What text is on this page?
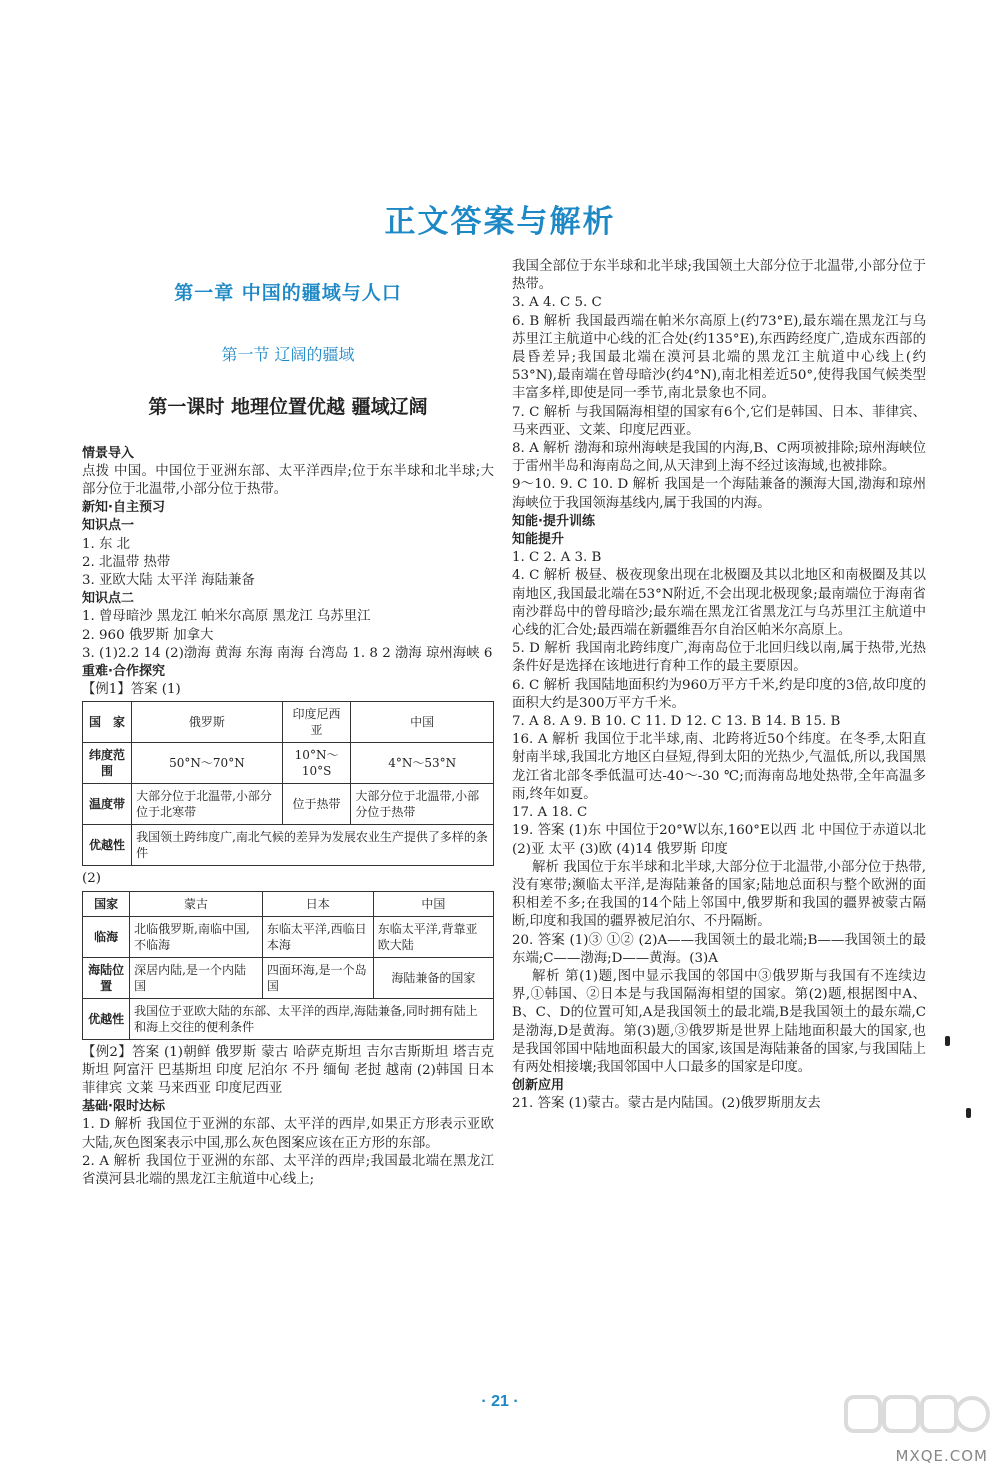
正文答案与解析
第一章 中国的疆域与人口
第一节 辽阔的疆域
第一课时 地理位置优越 疆域辽阔
情景导入
点拨 中国。中国位于亚洲东部、太平洋西岸;位于东半球和北半球;大部分位于北温带,小部分位于热带。
新知·自主预习
知识点一
1. 东 北
2. 北温带 热带
3. 亚欧大陆 太平洋 海陆兼备
知识点二
1. 曾母暗沙 黑龙江 帕米尔高原 黑龙江 乌苏里江
2. 960 俄罗斯 加拿大
3. (1)2.2 14 (2)渤海 黄海 东海 南海 台湾岛 1. 8 2 渤海 琼州海峡 6
重难·合作探究
【例1】答案 (1)
国　家	俄罗斯	印度尼西亚	中国
纬度范围	50°N～70°N	10°N～10°S	4°N～53°N
温度带	大部分位于北温带,小部分位于北寒带	位于热带	大部分位于北温带,小部分位于热带
优越性	我国领土跨纬度广,南北气候的差异为发展农业生产提供了多样的条件		
(2)
国家	蒙古	日本	中国
临海	北临俄罗斯,南临中国,不临海	东临太平洋,西临日本海	东临太平洋,背靠亚欧大陆
海陆位置	深居内陆,是一个内陆国	四面环海,是一个岛国	海陆兼备的国家
优越性	我国位于亚欧大陆的东部、太平洋的西岸,海陆兼备,同时拥有陆上和海上交往的便利条件		
【例2】答案 (1)朝鲜 俄罗斯 蒙古 哈萨克斯坦 吉尔吉斯斯坦 塔吉克斯坦 阿富汗 巴基斯坦 印度 尼泊尔 不丹 缅甸 老挝 越南 (2)韩国 日本 菲律宾 文莱 马来西亚 印度尼西亚
基础·限时达标
1. D 解析 我国位于亚洲的东部、太平洋的西岸,如果正方形表示亚欧大陆,灰色图案表示中国,那么灰色图案应该在正方形的东部。
2. A 解析 我国位于亚洲的东部、太平洋的西岸;我国最北端在黑龙江省漠河县北端的黑龙江主航道中心线上;
我国全部位于东半球和北半球;我国领土大部分位于北温带,小部分位于热带。
3. A 4. C 5. C
6. B 解析 我国最西端在帕米尔高原上(约73°E),最东端在黑龙江与乌苏里江主航道中心线的汇合处(约135°E),东西跨经度广,造成东西部的晨昏差异;我国最北端在漠河县北端的黑龙江主航道中心线上(约53°N),最南端在曾母暗沙(约4°N),南北相差近50°,使得我国气候类型丰富多样,即使是同一季节,南北景象也不同。
7. C 解析 与我国隔海相望的国家有6个,它们是韩国、日本、菲律宾、马来西亚、文莱、印度尼西亚。
8. A 解析 渤海和琼州海峡是我国的内海,B、C两项被排除;琼州海峡位于雷州半岛和海南岛之间,从天津到上海不经过该海域,也被排除。
9～10. 9. C 10. D 解析 我国是一个海陆兼备的濒海大国,渤海和琼州海峡位于我国领海基线内,属于我国的内海。
知能·提升训练
知能提升
1. C 2. A 3. B
4. C 解析 极昼、极夜现象出现在北极圈及其以北地区和南极圈及其以南地区,我国最北端在53°N附近,不会出现北极现象;最南端位于海南省南沙群岛中的曾母暗沙;最东端在黑龙江省黑龙江与乌苏里江主航道中心线的汇合处;最西端在新疆维吾尔自治区帕米尔高原上。
5. D 解析 我国南北跨纬度广,海南岛位于北回归线以南,属于热带,光热条件好是选择在该地进行育种工作的最主要原因。
6. C 解析 我国陆地面积约为960万平方千米,约是印度的3倍,故印度的面积大约是300万平方千米。
7. A 8. A 9. B 10. C 11. D 12. C 13. B 14. B 15. B
16. A 解析 我国位于北半球,南、北跨将近50个纬度。在冬季,太阳直射南半球,我国北方地区白昼短,得到太阳的光热少,气温低,所以,我国黑龙江省北部冬季低温可达-40～-30 ℃;而海南岛地处热带,全年高温多雨,终年如夏。
17. A 18. C
19. 答案 (1)东 中国位于20°W以东,160°E以西 北 中国位于赤道以北 (2)亚 太平 (3)欧 (4)14 俄罗斯 印度
解析 我国位于东半球和北半球,大部分位于北温带,小部分位于热带,没有寒带;濒临太平洋,是海陆兼备的国家;陆地总面积与整个欧洲的面积相差不多;在我国的14个陆上邻国中,俄罗斯和我国的疆界被蒙古隔断,印度和我国的疆界被尼泊尔、不丹隔断。
20. 答案 (1)③ ①② (2)A——我国领土的最北端;B——我国领土的最东端;C——渤海;D——黄海。(3)A
解析 第(1)题,图中显示我国的邻国中③俄罗斯与我国有不连续边界,①韩国、②日本是与我国隔海相望的国家。第(2)题,根据图中A、B、C、D的位置可知,A是我国领土的最北端,B是我国领土的最东端,C是渤海,D是黄海。第(3)题,③俄罗斯是世界上陆地面积最大的国家,也是我国邻国中陆地面积最大的国家,该国是海陆兼备的国家,与我国陆上有两处相接壤;我国邻国中人口最多的国家是印度。
创新应用
21. 答案 (1)蒙古。蒙古是内陆国。(2)俄罗斯朋友去
· 21 ·
MXQE.COM
